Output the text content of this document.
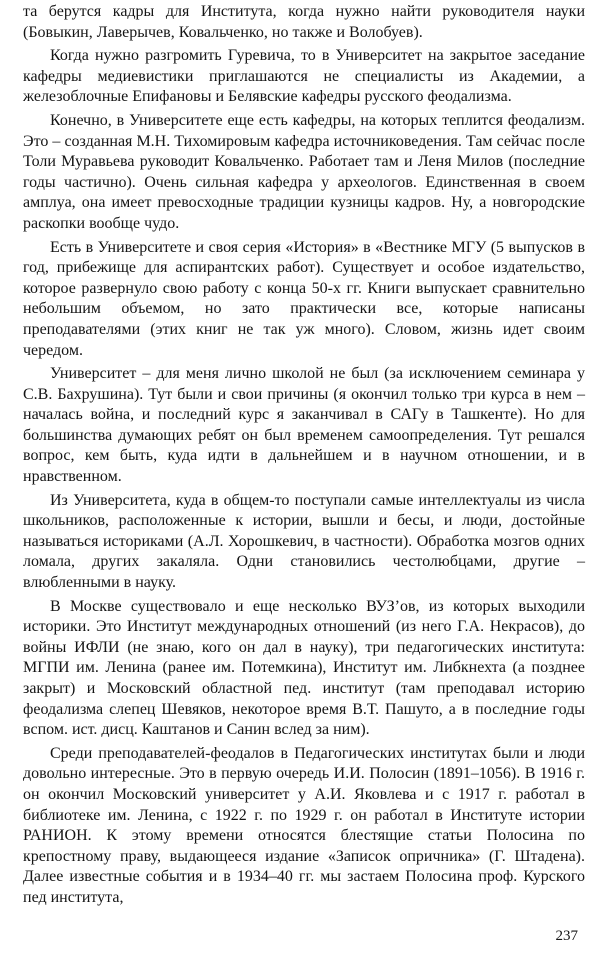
та берутся кадры для Института, когда нужно найти руководителя науки (Бовыкин, Лаверычев, Ковальченко, но также и Волобуев).

Когда нужно разгромить Гуревича, то в Университет на закрытое заседание кафедры медиевистики приглашаются не специалисты из Академии, а железоблочные Епифановы и Белявские кафедры русского феодализма.

Конечно, в Университете еще есть кафедры, на которых теплится феодализм. Это – созданная М.Н. Тихомировым кафедра источниковедения. Там сейчас после Толи Муравьева руководит Ковальченко. Работает там и Леня Милов (последние годы частично). Очень сильная кафедра у археологов. Единственная в своем амплуа, она имеет превосходные традиции кузницы кадров. Ну, а новгородские раскопки вообще чудо.

Есть в Университете и своя серия «История» в «Вестнике МГУ (5 выпусков в год, прибежище для аспирантских работ). Существует и особое издательство, которое развернуло свою работу с конца 50-х гг. Книги выпускает сравнительно небольшим объемом, но зато практически все, которые написаны преподавателями (этих книг не так уж много). Словом, жизнь идет своим чередом.

Университет – для меня лично школой не был (за исключением семинара у С.В. Бахрушина). Тут были и свои причины (я окончил только три курса в нем – началась война, и последний курс я заканчивал в САГу в Ташкенте). Но для большинства думающих ребят он был временем самоопределения. Тут решался вопрос, кем быть, куда идти в дальнейшем и в научном отношении, и в нравственном.

Из Университета, куда в общем-то поступали самые интеллектуалы из числа школьников, расположенные к истории, вышли и бесы, и люди, достойные называться историками (А.Л. Хорошкевич, в частности). Обработка мозгов одних ломала, других закаляла. Одни становились честолюбцами, другие – влюбленными в науку.

В Москве существовало и еще несколько ВУЗ’ов, из которых выходили историки. Это Институт международных отношений (из него Г.А. Некрасов), до войны ИФЛИ (не знаю, кого он дал в науку), три педагогических института: МГПИ им. Ленина (ранее им. Потемкина), Институт им. Либкнехта (а позднее закрыт) и Московский областной пед. институт (там преподавал историю феодализма слепец Шевяков, некоторое время В.Т. Пашуто, а в последние годы вспом. ист. дисц. Каштанов и Санин вслед за ним).

Среди преподавателей-феодалов в Педагогических институтах были и люди довольно интересные. Это в первую очередь И.И. Полосин (1891–1056). В 1916 г. он окончил Московский университет у А.И. Яковлева и с 1917 г. работал в библиотеке им. Ленина, с 1922 г. по 1929 г. он работал в Институте истории РАНИОН. К этому времени относятся блестящие статьи Полосина по крепостному праву, выдающееся издание «Записок опричника» (Г. Штадена). Далее известные события и в 1934–40 гг. мы застаем Полосина проф. Курского пед института,

237
